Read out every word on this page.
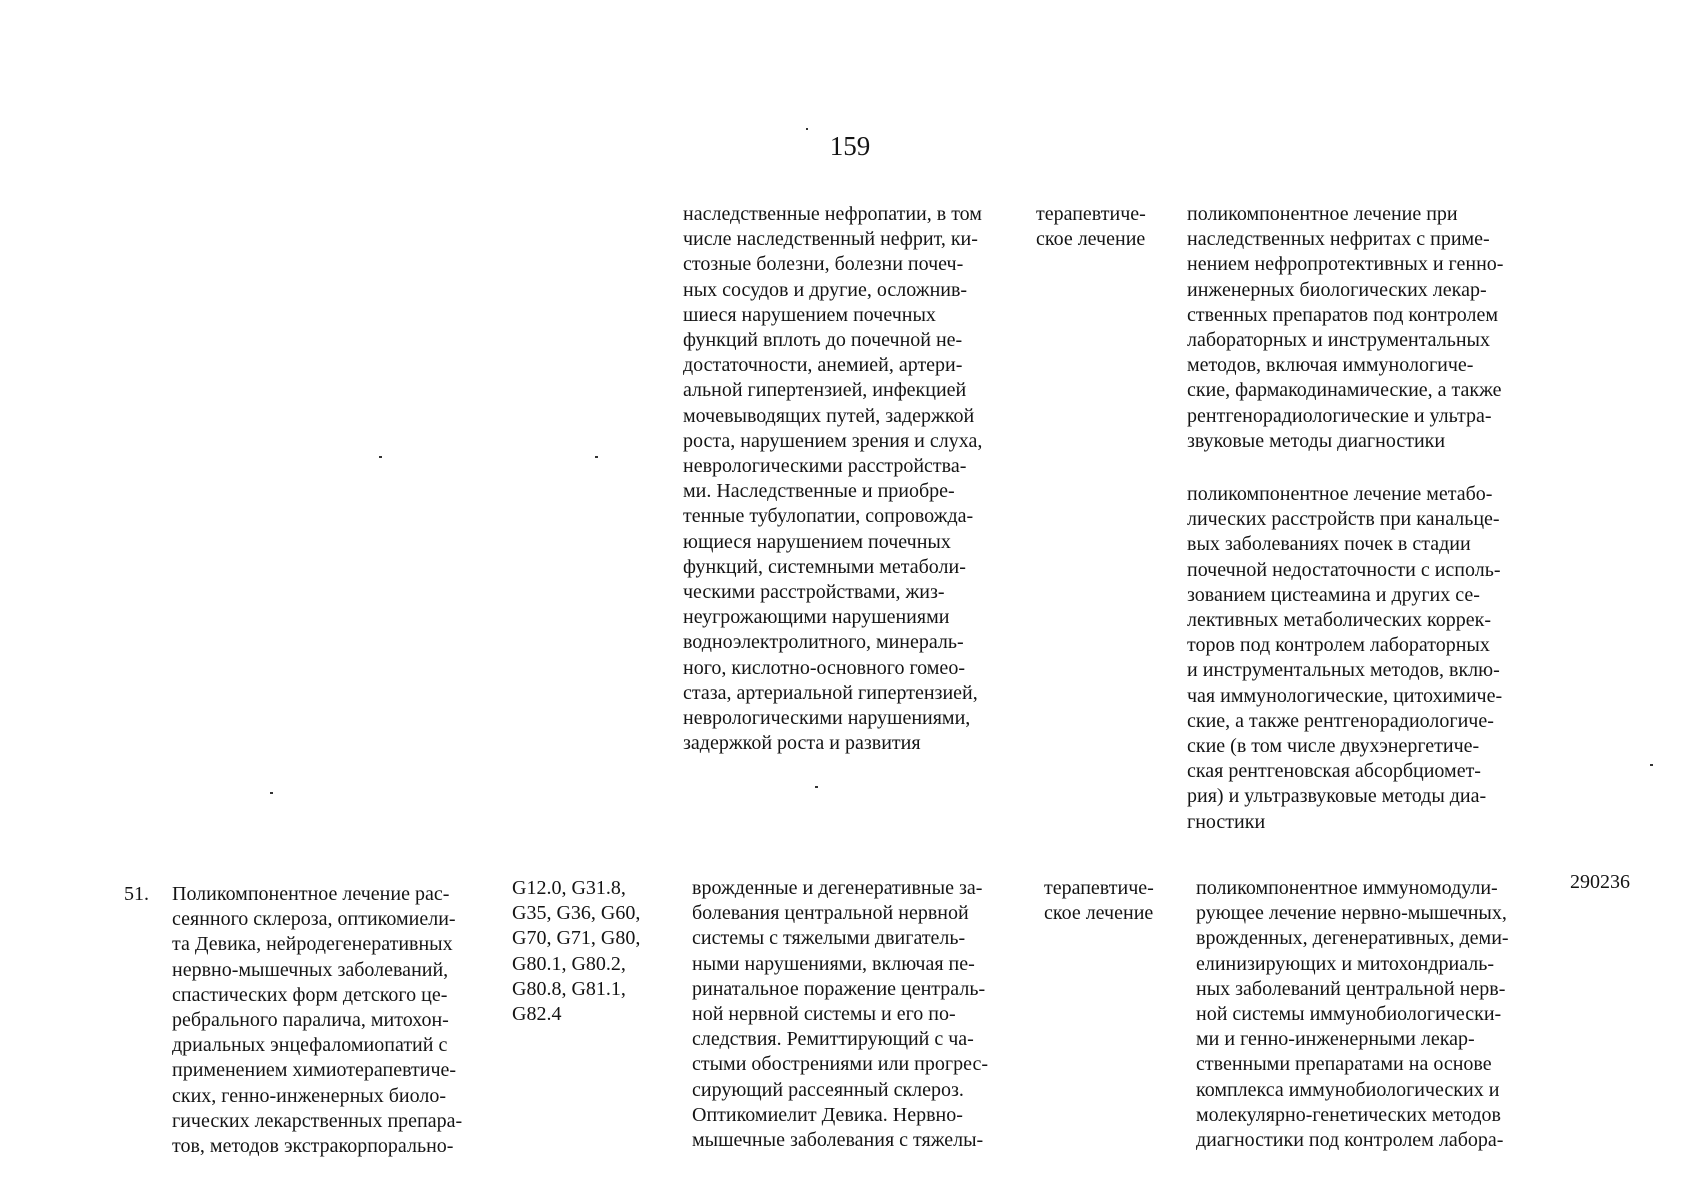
159
наследственные нефропатии, в том
числе наследственный нефрит, ки-
стозные болезни, болезни почеч-
ных сосудов и другие, осложнив-
шиеся нарушением почечных
функций вплоть до почечной не-
достаточности, анемией, артери-
альной гипертензией, инфекцией
мочевыводящих путей, задержкой
роста, нарушением зрения и слуха,
неврологическими расстройства-
ми. Наследственные и приобре-
тенные тубулопатии, сопровожда-
ющиеся нарушением почечных
функций, системными метаболи-
ческими расстройствами, жиз-
неугрожающими нарушениями
водноэлектролитного, минераль-
ного, кислотно-основного гомео-
стаза, артериальной гипертензией,
неврологическими нарушениями,
задержкой роста и развития
терапевтиче-
ское лечение
поликомпонентное лечение при
наследственных нефритах с приме-
нением нефропротективных и генно-
инженерных биологических лекар-
ственных препаратов под контролем
лабораторных и инструментальных
методов, включая иммунологиче-
ские, фармакодинамические, а также
рентгенорадиологические и ультра-
звуковые методы диагностики
поликомпонентное лечение метабо-
лических расстройств при канальце-
вых заболеваниях почек в стадии
почечной недостаточности с исполь-
зованием цистеамина и других се-
лективных метаболических коррек-
торов под контролем лабораторных
и инструментальных методов, вклю-
чая иммунологические, цитохимиче-
ские, а также рентгенорадиологиче-
ские (в том числе двухэнергетиче-
ская рентгеновская абсорбциомет-
рия) и ультразвуковые методы диа-
гностики
51. Поликомпонентное лечение рас-
сеянного склероза, оптикомиели-
та Девика, нейродегенеративных
нервно-мышечных заболеваний,
спастических форм детского це-
ребрального паралича, митохон-
дриальных энцефаломиопатий с
применением химиотерапевтиче-
ских, генно-инженерных биоло-
гических лекарственных препара-
тов, методов экстракорпорально-
G12.0, G31.8,
G35, G36, G60,
G70, G71, G80,
G80.1, G80.2,
G80.8, G81.1,
G82.4
врожденные и дегенеративные за-
болевания центральной нервной
системы с тяжелыми двигатель-
ными нарушениями, включая пе-
ринатальное поражение централь-
ной нервной системы и его по-
следствия. Ремиттирующий с ча-
стыми обострениями или прогрес-
сирующий рассеянный склероз.
Оптикомиелит Девика. Нервно-
мышечные заболевания с тяжелы-
терапевтиче-
ское лечение
поликомпонентное иммуномодули-
рующее лечение нервно-мышечных,
врожденных, дегенеративных, деми-
елинизирующих и митохондриаль-
ных заболеваний центральной нерв-
ной системы иммунобиологически-
ми и генно-инженерными лекар-
ственными препаратами на основе
комплекса иммунобиологических и
молекулярно-генетических методов
диагностики под контролем лабора-
290236
